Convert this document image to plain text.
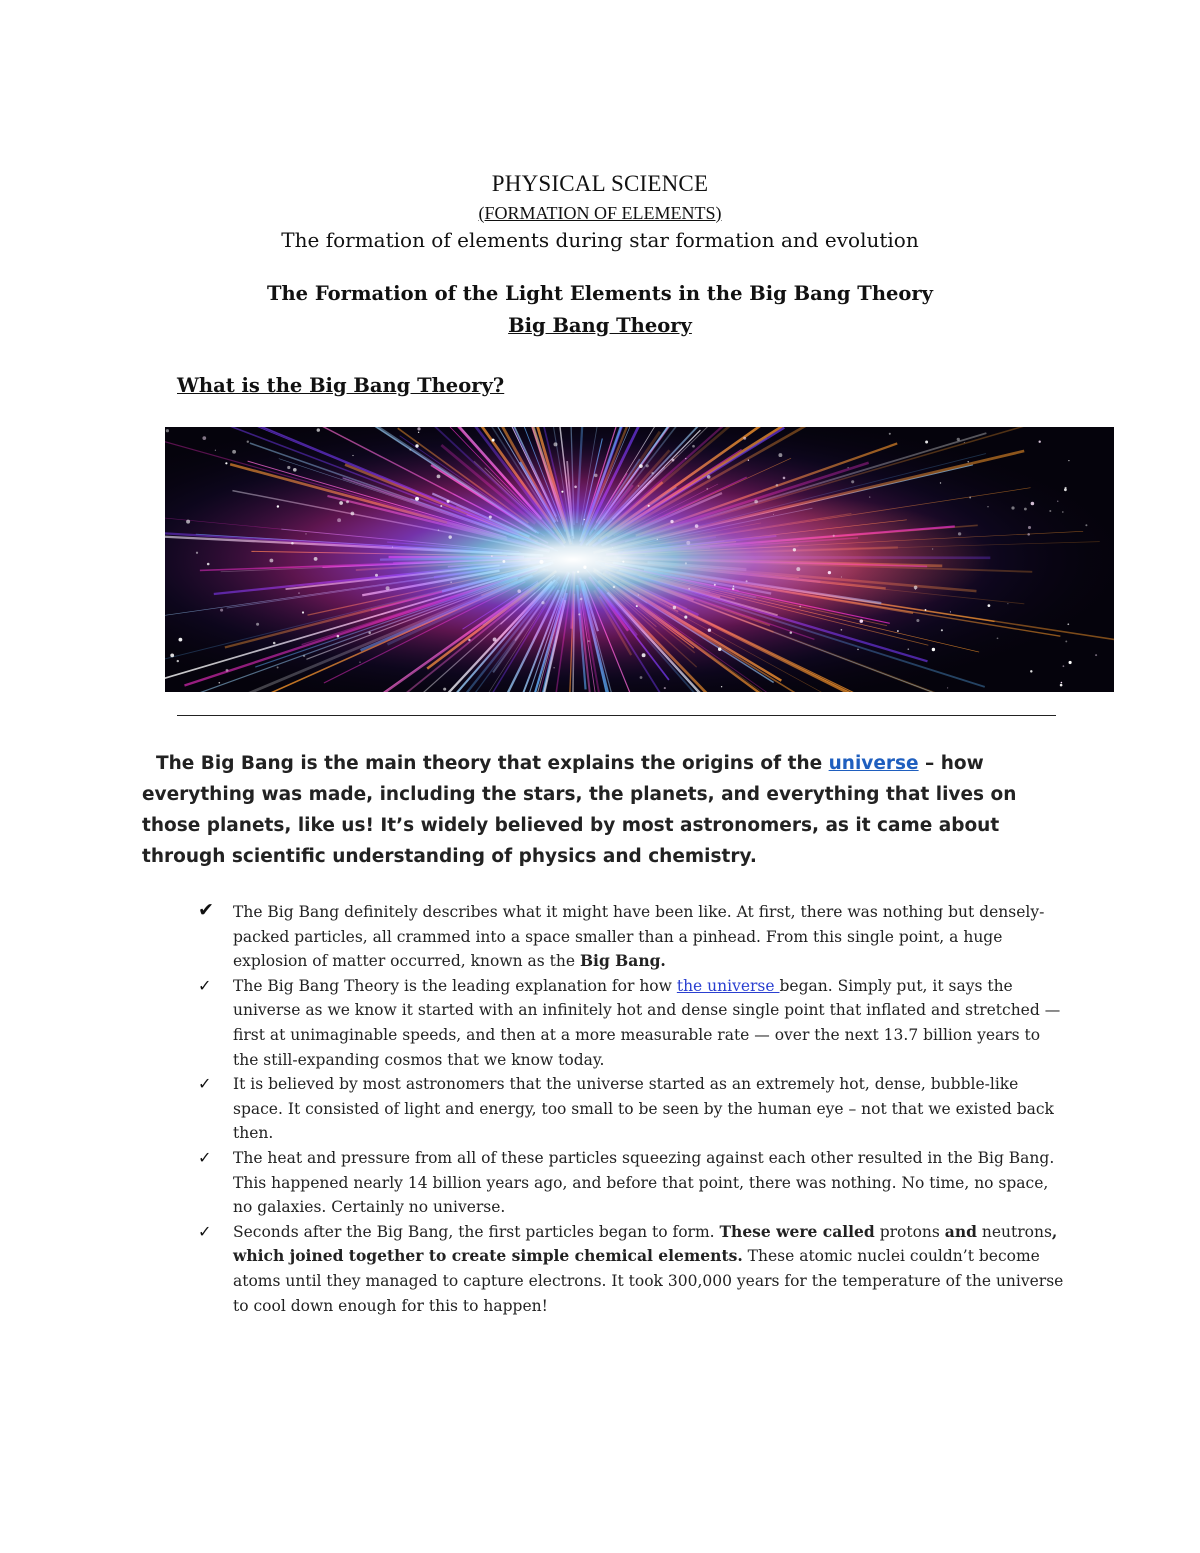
PHYSICAL SCIENCE
(FORMATION OF ELEMENTS)
The formation of elements during star formation and evolution
The Formation of the Light Elements in the Big Bang Theory
Big Bang Theory
What is the Big Bang Theory?

The Big Bang is the main theory that explains the origins of the universe – how everything was made, including the stars, the planets, and everything that lives on those planets, like us! It’s widely believed by most astronomers, as it came about through scientific understanding of physics and chemistry.

✔ The Big Bang definitely describes what it might have been like. At first, there was nothing but densely-packed particles, all crammed into a space smaller than a pinhead. From this single point, a huge explosion of matter occurred, known as the Big Bang.
✓	The Big Bang Theory is the leading explanation for how the universe began. Simply put, it says the universe as we know it started with an infinitely hot and dense single point that inflated and stretched — first at unimaginable speeds, and then at a more measurable rate — over the next 13.7 billion years to the still-expanding cosmos that we know today.
✓	It is believed by most astronomers that the universe started as an extremely hot, dense, bubble-like space. It consisted of light and energy, too small to be seen by the human eye – not that we existed back then.
✓	The heat and pressure from all of these particles squeezing against each other resulted in the Big Bang. This happened nearly 14 billion years ago, and before that point, there was nothing. No time, no space, no galaxies. Certainly no universe.
✓	Seconds after the Big Bang, the first particles began to form. These were called protons and neutrons, which joined together to create simple chemical elements. These atomic nuclei couldn’t become atoms until they managed to capture electrons. It took 300,000 years for the temperature of the universe to cool down enough for this to happen!
